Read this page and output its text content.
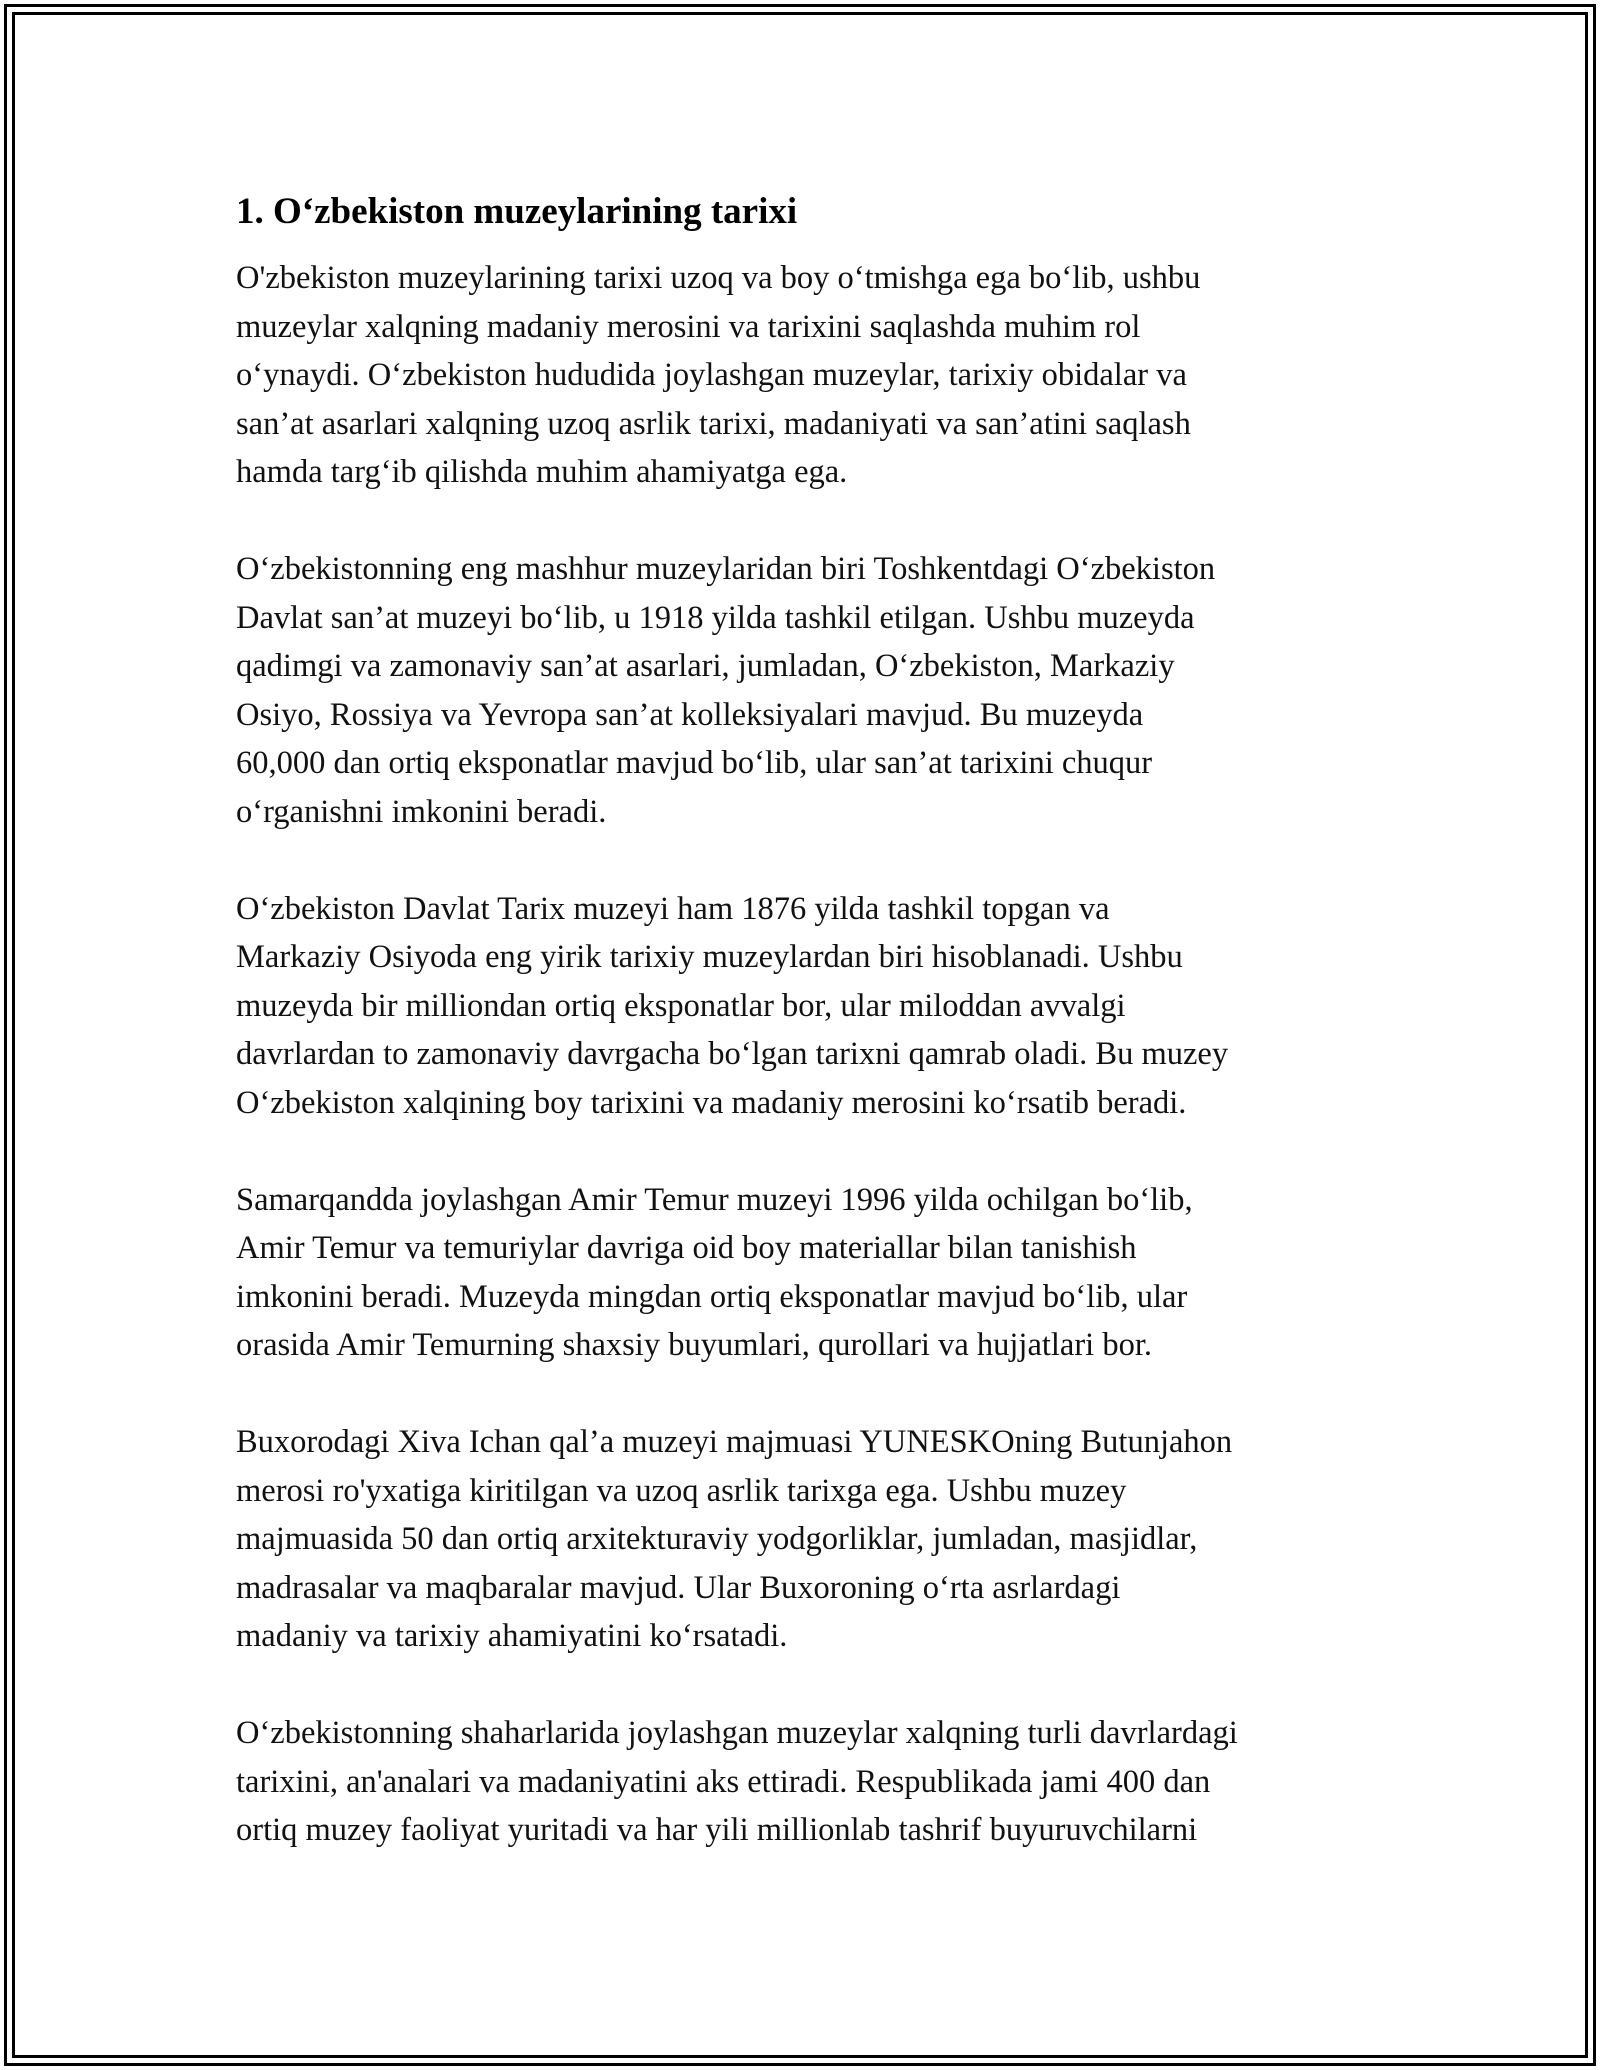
1. O‘zbekiston muzeylarining tarixi
O'zbekiston muzeylarining tarixi uzoq va boy o‘tmishga ega bo‘lib, ushbu
muzeylar xalqning madaniy merosini va tarixini saqlashda muhim rol
o‘ynaydi. O‘zbekiston hududida joylashgan muzeylar, tarixiy obidalar va
san’at asarlari xalqning uzoq asrlik tarixi, madaniyati va san’atini saqlash
hamda targ‘ib qilishda muhim ahamiyatga ega.
O‘zbekistonning eng mashhur muzeylaridan biri Toshkentdagi O‘zbekiston
Davlat san’at muzeyi bo‘lib, u 1918 yilda tashkil etilgan. Ushbu muzeyda
qadimgi va zamonaviy san’at asarlari, jumladan, O‘zbekiston, Markaziy
Osiyo, Rossiya va Yevropa san’at kolleksiyalari mavjud. Bu muzeyda
60,000 dan ortiq eksponatlar mavjud bo‘lib, ular san’at tarixini chuqur
o‘rganishni imkonini beradi.
O‘zbekiston Davlat Tarix muzeyi ham 1876 yilda tashkil topgan va
Markaziy Osiyoda eng yirik tarixiy muzeylardan biri hisoblanadi. Ushbu
muzeyda bir milliondan ortiq eksponatlar bor, ular miloddan avvalgi
davrlardan to zamonaviy davrgacha bo‘lgan tarixni qamrab oladi. Bu muzey
O‘zbekiston xalqining boy tarixini va madaniy merosini ko‘rsatib beradi.
Samarqandda joylashgan Amir Temur muzeyi 1996 yilda ochilgan bo‘lib,
Amir Temur va temuriylar davriga oid boy materiallar bilan tanishish
imkonini beradi. Muzeyda mingdan ortiq eksponatlar mavjud bo‘lib, ular
orasida Amir Temurning shaxsiy buyumlari, qurollari va hujjatlari bor.
Buxorodagi Xiva Ichan qal’a muzeyi majmuasi YUNESKOning Butunjahon
merosi ro'yxatiga kiritilgan va uzoq asrlik tarixga ega. Ushbu muzey
majmuasida 50 dan ortiq arxitekturaviy yodgorliklar, jumladan, masjidlar,
madrasalar va maqbaralar mavjud. Ular Buxoroning o‘rta asrlardagi
madaniy va tarixiy ahamiyatini ko‘rsatadi.
O‘zbekistonning shaharlarida joylashgan muzeylar xalqning turli davrlardagi
tarixini, an'analari va madaniyatini aks ettiradi. Respublikada jami 400 dan
ortiq muzey faoliyat yuritadi va har yili millionlab tashrif buyuruvchilarni
